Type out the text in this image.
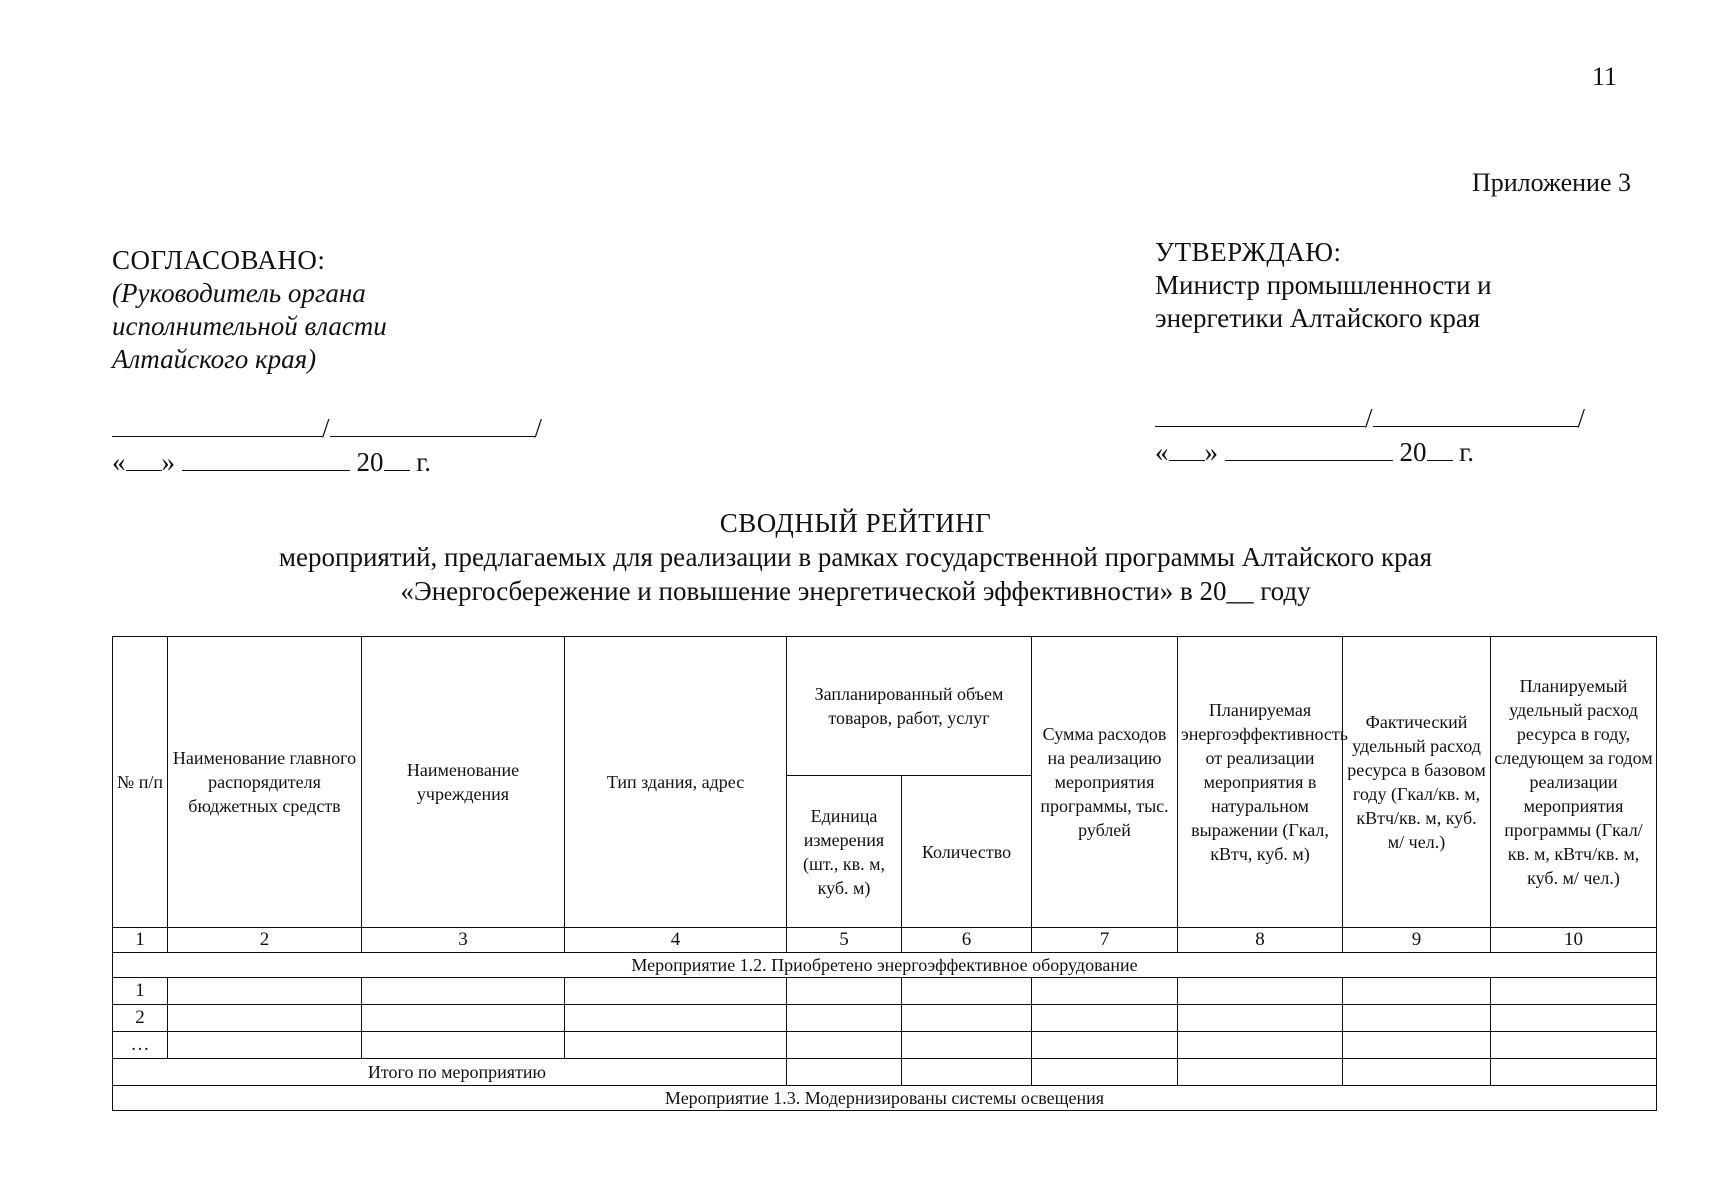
11
Приложение 3
СОГЛАСОВАНО:
(Руководитель органа
исполнительной власти
Алтайского края)
УТВЕРЖДАЮ:
Министр промышленности и
энергетики Алтайского края
/	/
« »	20 г.
/	/
« »	20 г.
СВОДНЫЙ РЕЙТИНГ
мероприятий, предлагаемых для реализации в рамках государственной программы Алтайского края
«Энергосбережение и повышение энергетической эффективности» в 20__ году
№ п/п	Наименование главного распорядителя бюджетных средств	Наименование учреждения	Тип здания, адрес	Запланированный объем товаров, работ, услуг		Сумма расходов на реализацию мероприятия программы, тыс. рублей	Планируемая энергоэффективность от реализации мероприятия в натуральном выражении (Гкал, кВтч, куб. м)	Фактический удельный расход ресурса в базовом году (Гкал/кв. м, кВтч/кв. м, куб. м/ чел.)	Планируемый удельный расход ресурса в году, следующем за годом реализации мероприятия программы (Гкал/кв. м, кВтч/кв. м, куб. м/ чел.)
				Единица измерения (шт., кв. м, куб. м)	Количество				
1	2	3	4	5	6	7	8	9	10
Мероприятие 1.2. Приобретено энергоэффективное оборудование									
1									
2									
…									
Итого по мероприятию									
Мероприятие 1.3. Модернизированы системы освещения									
